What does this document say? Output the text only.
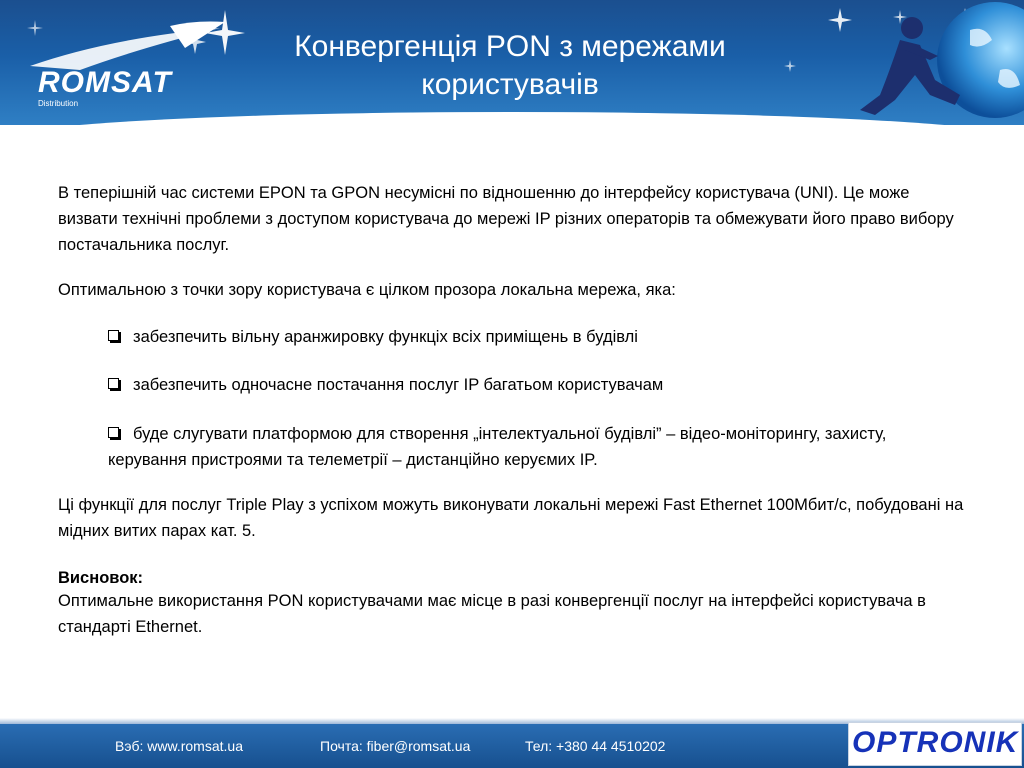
ROMSAT
Distribution
Конвергенція PON з мережами
користувачів

В теперішній час системи EPON та GPON несумісні по відношенню до інтерфейсу користувача (UNI). Це може визвати технічні проблеми з доступом користувача до мережі IP різних операторів та обмежувати його право вибору постачальника послуг.

Оптимальною з точки зору користувача є цілком прозора локальна мережа, яка:

забезпечить вільну аранжировку функцiх всіх приміщень в будівлі

забезпечить одночасне постачання послуг IP багатьом користувачам

буде слугувати платформою для створення „інтелектуальної будівлі” – відео-моніторингу, захисту, керування пристроями та телеметрії – дистанційно керуємих IP.

Ці функції для послуг Triple Play з успіхом можуть виконувати локальні мережі Fast Ethernet 100Мбит/с, побудовані на мідних витих парах кат. 5.

Висновок:

Оптимальне використання PON користувачами має місце в разі конвергенції послуг на інтерфейсі користувача в стандарті Ethernet.

Вэб: www.romsat.ua	Почта: fiber@romsat.ua	Тел: +380 44 4510202	OPTRONIK
